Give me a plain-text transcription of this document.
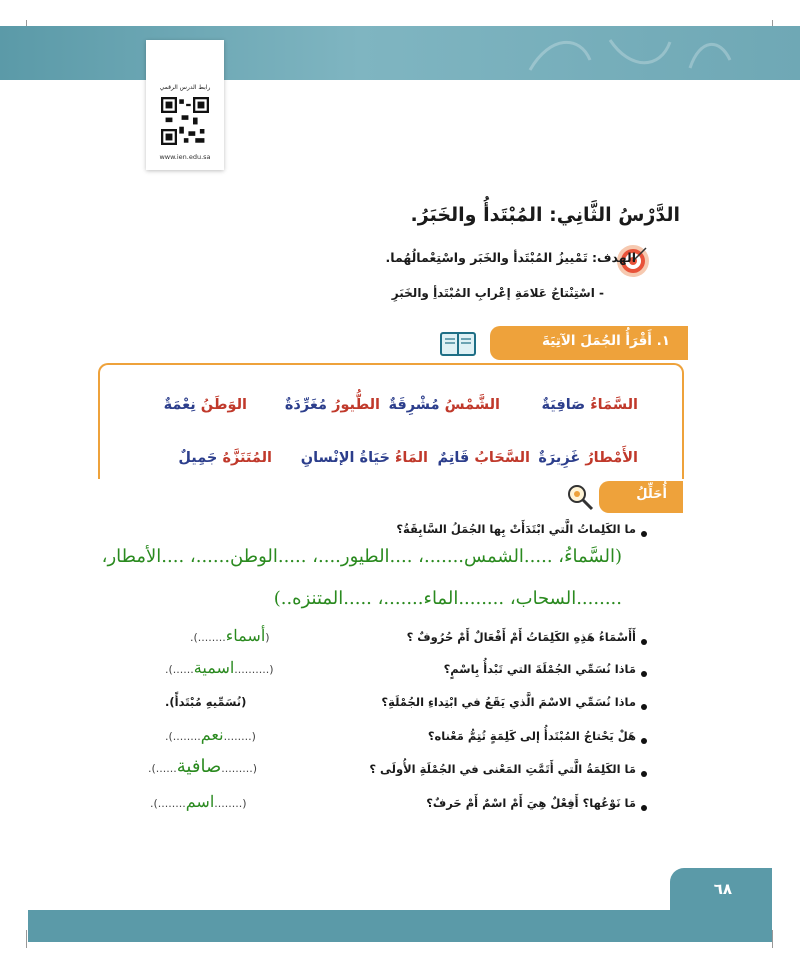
رابط الدرس الرقمي
www.ien.edu.sa
الدَّرْسُ الثَّانِي: المُبْتَدأُ والخَبَرُ.
الهدف: تَمْييزُ المُبْتَدأ والخَبَر واسْتِعْمالُهُما.
- اسْتِنْتاجُ عَلامَةِ إعْرابِ المُبْتَدأِ والخَبَرِ
١. أَقْرَأُ الجُمَلَ الآتِيَةَ
السَّمَاءُ صَافِيَةٌ
الشَّمْسُ مُشْرِقَةٌ
الطُّيورُ مُغَرِّدَةٌ
الوَطَنُ نِعْمَةٌ
الأَمْطارُ غَزِيرَةٌ
السَّحَابُ قَاتِمٌ
المَاءُ حَيَاةُ الإنْسانِ
المُتَنَزَّهُ جَمِيلٌ
أُحَلِّلُ
ما الكَلِماتُ الَّتي ابْتَدَأَتْ بِها الجُمَلُ السَّابِقَةُ؟
(السَّماءُ، .....الشمس.......، ....الطيور....، .....الوطن......، ....الأمطار،
........السحاب، ........الماء.......، .....المتنزه..)
أَأَسْمَاءُ هَذِهِ الكَلِمَاتُ أَمْ أَفْعَالٌ أَمْ حُرُوفٌ ؟
(أسماء........).
مَاذا نُسَمِّي الجُمْلَةَ التي تَبْدأُ بِاسْمٍ؟
(..........اسمية......).
ماذا نُسَمِّي الاسْمَ الَّذي يَقَعُ في ابْتِداءِ الجُمْلَةِ؟
(نُسَمِّيهِ مُبْتَدأً).
هَلْ يَحْتاجُ المُبْتَدأُ إلى كَلِمَةٍ تُتِمُّ مَعْناه؟
(........نعم........).
مَا الكَلِمَةُ الَّتي أَتَمَّتِ المَعْنى في الجُمْلَةِ الأُولَى ؟
(.........صافية......).
مَا نَوْعُها؟ أَفِعْلٌ هِيَ أَمْ اسْمٌ أَمْ حَرفٌ؟
(........اسم........).
٦٨
